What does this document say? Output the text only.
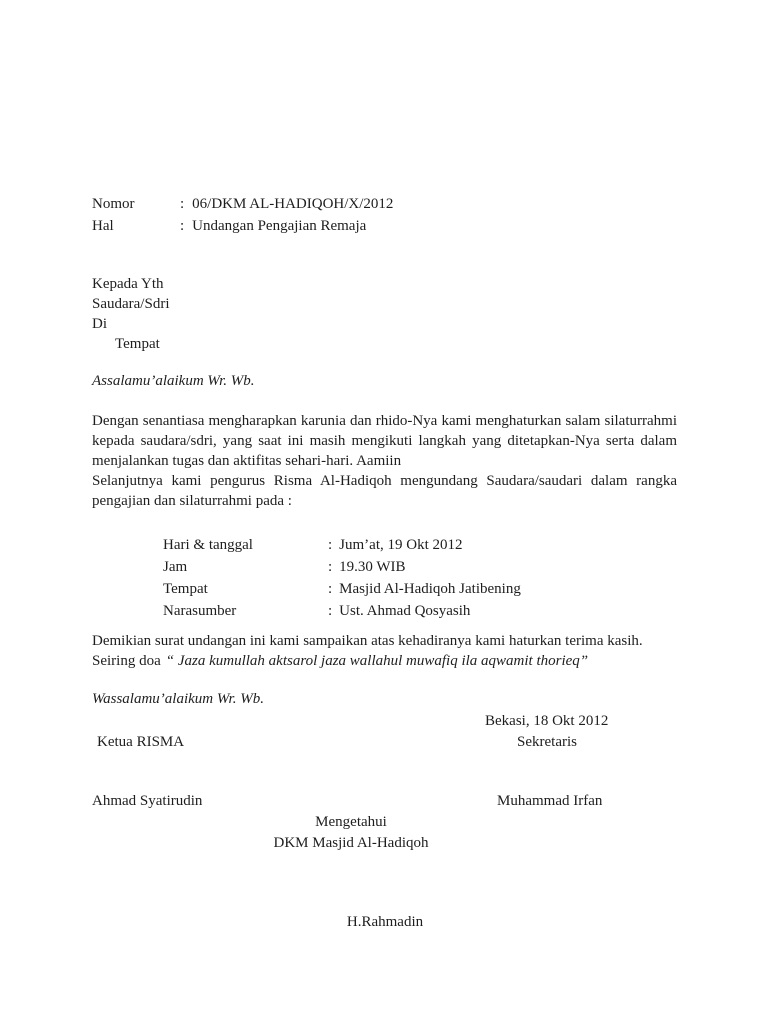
Nomor	: 06/DKM AL-HADIQOH/X/2012
Hal	: Undangan Pengajian Remaja
Kepada Yth
Saudara/Sdri
Di
Tempat
Assalamu’alaikum Wr. Wb.
Dengan senantiasa mengharapkan karunia dan rhido-Nya kami menghaturkan salam silaturrahmi
kepada saudara/sdri, yang saat ini masih mengikuti langkah yang ditetapkan-Nya serta dalam
menjalankan tugas dan aktifitas sehari-hari. Aamiin
Selanjutnya kami pengurus Risma Al-Hadiqoh mengundang Saudara/saudari dalam rangka
pengajian dan silaturrahmi pada :
Hari & tanggal	: Jum’at, 19 Okt 2012
Jam	: 19.30 WIB
Tempat	: Masjid Al-Hadiqoh Jatibening
Narasumber	: Ust. Ahmad Qosyasih
Demikian surat undangan ini kami sampaikan atas kehadiranya kami haturkan terima kasih.
Seiring doa “ Jaza kumullah aktsarol jaza wallahul muwafiq ila aqwamit thorieq”
Wassalamu’alaikum Wr. Wb.
Bekasi, 18 Okt 2012
Ketua RISMA	Sekretaris
Ahmad Syatirudin	Muhammad Irfan
Mengetahui
DKM Masjid Al-Hadiqoh
H.Rahmadin
